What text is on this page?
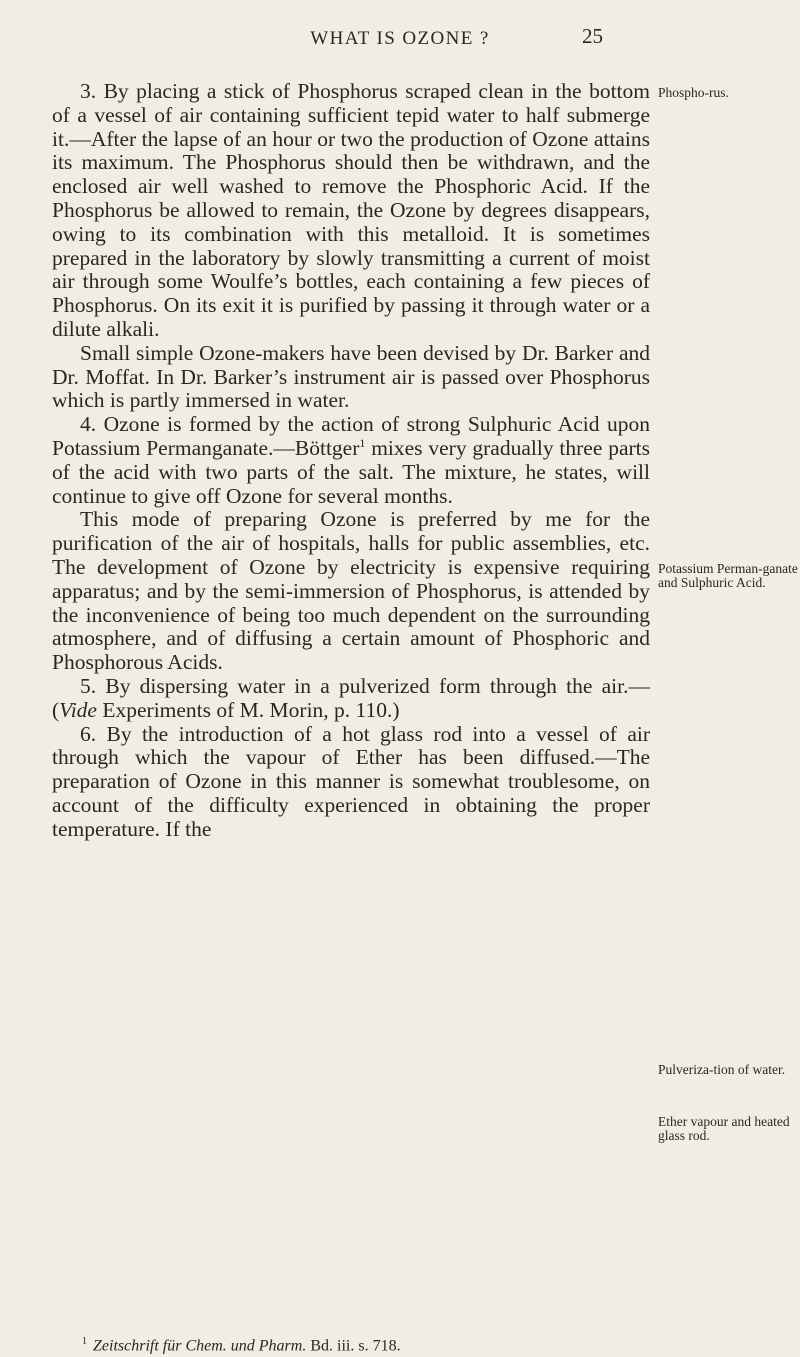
WHAT IS OZONE ?	25

3. By placing a stick of Phosphorus scraped clean in the bottom of a vessel of air containing sufficient tepid water to half submerge it.—After the lapse of an hour or two the production of Ozone attains its maximum. The Phosphorus should then be withdrawn, and the enclosed air well washed to remove the Phosphoric Acid. If the Phosphorus be allowed to remain, the Ozone by degrees disappears, owing to its combination with this metalloid. It is sometimes prepared in the laboratory by slowly transmitting a current of moist air through some Woulfe’s bottles, each containing a few pieces of Phosphorus. On its exit it is purified by passing it through water or a dilute alkali.

Small simple Ozone-makers have been devised by Dr. Barker and Dr. Moffat. In Dr. Barker’s instrument air is passed over Phosphorus which is partly immersed in water.

4. Ozone is formed by the action of strong Sulphuric Acid upon Potassium Permanganate.—Böttger$^1$ mixes very gradually three parts of the acid with two parts of the salt. The mixture, he states, will continue to give off Ozone for several months.

This mode of preparing Ozone is preferred by me for the purification of the air of hospitals, halls for public assemblies, etc. The development of Ozone by electricity is expensive requiring apparatus; and by the semi-immersion of Phosphorus, is attended by the inconvenience of being too much dependent on the surrounding atmosphere, and of diffusing a certain amount of Phosphoric and Phosphorous Acids.

5. By dispersing water in a pulverized form through the air.—(Vide Experiments of M. Morin, p. 110.)

6. By the introduction of a hot glass rod into a vessel of air through which the vapour of Ether has been diffused.—The preparation of Ozone in this manner is somewhat troublesome, on account of the difficulty experienced in obtaining the proper temperature. If the

Phospho-rus.
Potassium Perman-ganate and Sulphuric Acid.
Pulveriza-tion of water.
Ether vapour and heated glass rod.
$^1$ Zeitschrift für Chem. und Pharm. Bd. iii. s. 718.
